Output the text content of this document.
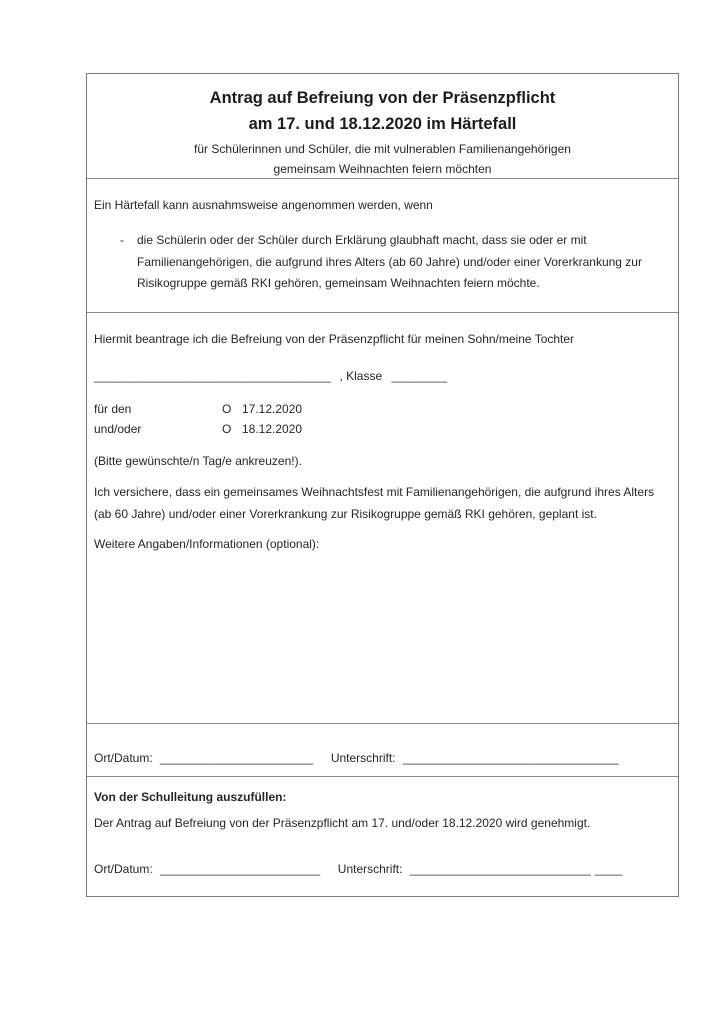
Antrag auf Befreiung von der Präsenzpflicht
am 17. und 18.12.2020 im Härtefall
für Schülerinnen und Schüler, die mit vulnerablen Familienangehörigen
gemeinsam Weihnachten feiern möchten
Ein Härtefall kann ausnahmsweise angenommen werden, wenn
-	die Schülerin oder der Schüler durch Erklärung glaubhaft macht, dass sie oder er mit
Familienangehörigen, die aufgrund ihres Alters (ab 60 Jahre) und/oder einer Vorerkrankung zur
Risikogruppe gemäß RKI gehören, gemeinsam Weihnachten feiern möchte.
Hiermit beantrage ich die Befreiung von der Präsenzpflicht für meinen Sohn/meine Tochter
__________________________________ , Klasse ________
für den	O 17.12.2020
und/oder	O 18.12.2020
(Bitte gewünschte/n Tag/e ankreuzen!).
Ich versichere, dass ein gemeinsames Weihnachtsfest mit Familienangehörigen, die aufgrund ihres Alters
(ab 60 Jahre) und/oder einer Vorerkrankung zur Risikogruppe gemäß RKI gehören, geplant ist.
Weitere Angaben/Informationen (optional):
Ort/Datum: ______________________ Unterschrift: _______________________________
Von der Schulleitung auszufüllen:
Der Antrag auf Befreiung von der Präsenzpflicht am 17. und/oder 18.12.2020 wird genehmigt.
Ort/Datum: _______________________ Unterschrift: __________________________ ____
